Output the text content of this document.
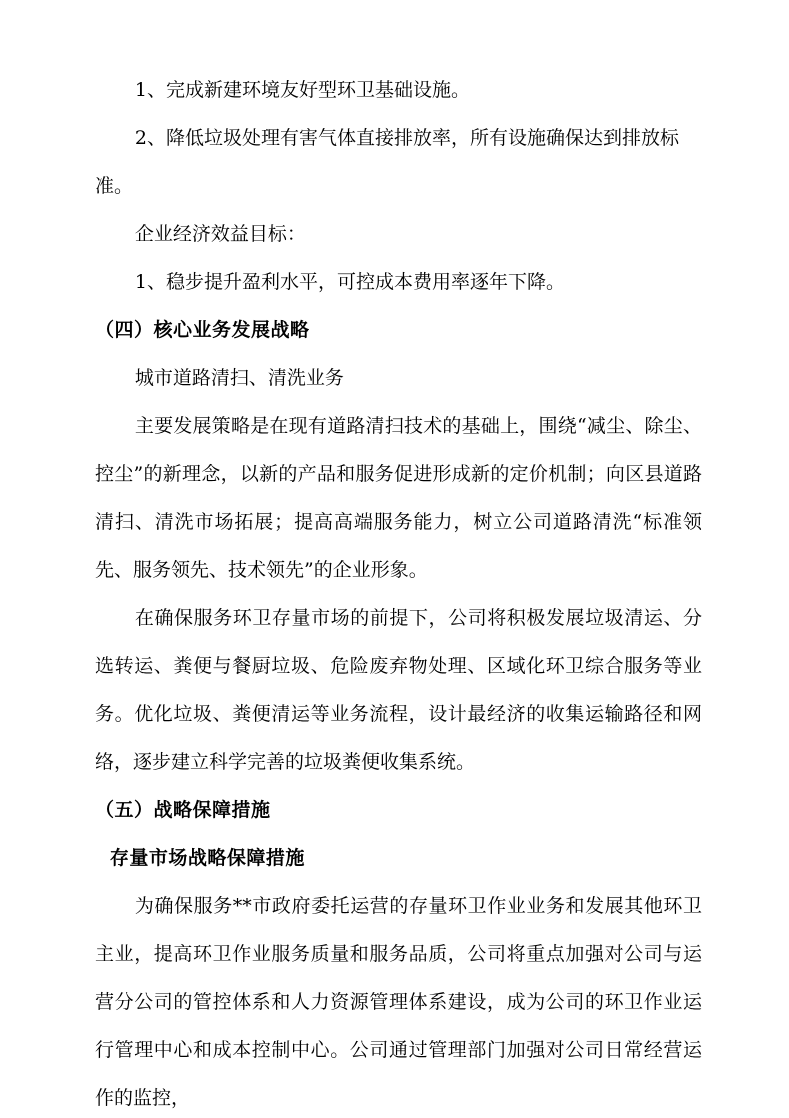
1、完成新建环境友好型环卫基础设施。

2、降低垃圾处理有害气体直接排放率，所有设施确保达到排放标准。

企业经济效益目标：

1、稳步提升盈利水平，可控成本费用率逐年下降。

（四）核心业务发展战略

城市道路清扫、清洗业务

主要发展策略是在现有道路清扫技术的基础上，围绕“减尘、除尘、控尘”的新理念，以新的产品和服务促进形成新的定价机制；向区县道路清扫、清洗市场拓展；提高高端服务能力，树立公司道路清洗“标准领先、服务领先、技术领先”的企业形象。

在确保服务环卫存量市场的前提下，公司将积极发展垃圾清运、分选转运、粪便与餐厨垃圾、危险废弃物处理、区域化环卫综合服务等业务。优化垃圾、粪便清运等业务流程，设计最经济的收集运输路径和网络，逐步建立科学完善的垃圾粪便收集系统。

（五）战略保障措施

存量市场战略保障措施

为确保服务**市政府委托运营的存量环卫作业业务和发展其他环卫主业，提高环卫作业服务质量和服务品质，公司将重点加强对公司与运营分公司的管控体系和人力资源管理体系建设，成为公司的环卫作业运行管理中心和成本控制中心。公司通过管理部门加强对公司日常经营运作的监控，
